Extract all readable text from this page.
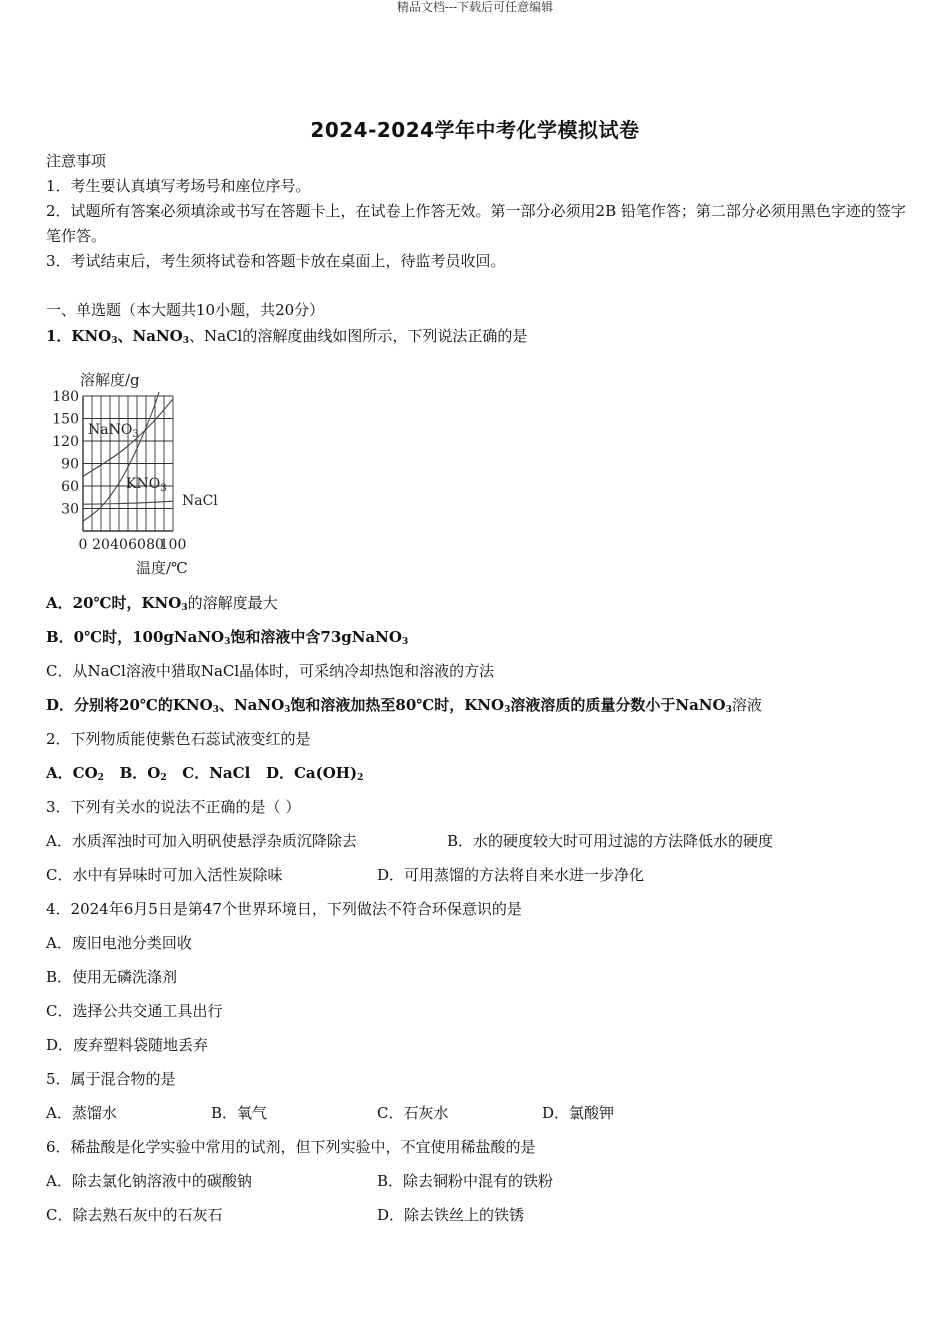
精品文档---下载后可任意编辑
2024-2024学年中考化学模拟试卷
注意事项
1．考生要认真填写考场号和座位序号。
2．试题所有答案必须填涂或书写在答题卡上，在试卷上作答无效。第一部分必须用2B 铅笔作答；第二部分必须用黑色字迹的签字笔作答。
3．考试结束后，考生须将试卷和答题卡放在桌面上，待监考员收回。
一、单选题（本大题共10小题，共20分）
1．$KNO_3$、NaNO$_3$、NaCl的溶解度曲线如图所示，下列说法正确的是
溶解度/g
温度/℃
30
60
90
120
150
180
0 20 40 60 80
100
NaNO$_3$
$KNO_3$
NaCl
A．20℃时，$KNO_3$的溶解度最大
B．0℃时，100gNaNO$_3$饱和溶液中含73gNaNO$_3$
C．从NaCl溶液中猎取NaCl晶体时，可采纳冷却热饱和溶液的方法
D．分别将20℃的$KNO_3$、NaNO$_3$饱和溶液加热至80℃时，$KNO_3$溶液溶质的质量分数小于NaNO$_3$溶液
2．下列物质能使紫色石蕊试液变红的是
A．$CO_2$ B．$O_2$ C．NaCl D．$Ca(OH)_2$
3．下列有关水的说法不正确的是（ ）
A．水质浑浊时可加入明矾使悬浮杂质沉降除去	B．水的硬度较大时可用过滤的方法降低水的硬度
C．水中有异味时可加入活性炭除味	D．可用蒸馏的方法将自来水进一步净化
4．2024年6月5日是第47个世界环境日，下列做法不符合环保意识的是
A．废旧电池分类回收
B．使用无磷洗涤剂
C．选择公共交通工具出行
D．废弃塑料袋随地丢弃
5．属于混合物的是
A．蒸馏水	B．氧气	C．石灰水	D．氯酸钾
6．稀盐酸是化学实验中常用的试剂，但下列实验中，不宜使用稀盐酸的是
A．除去氯化钠溶液中的碳酸钠	B．除去铜粉中混有的铁粉
C．除去熟石灰中的石灰石	D．除去铁丝上的铁锈
